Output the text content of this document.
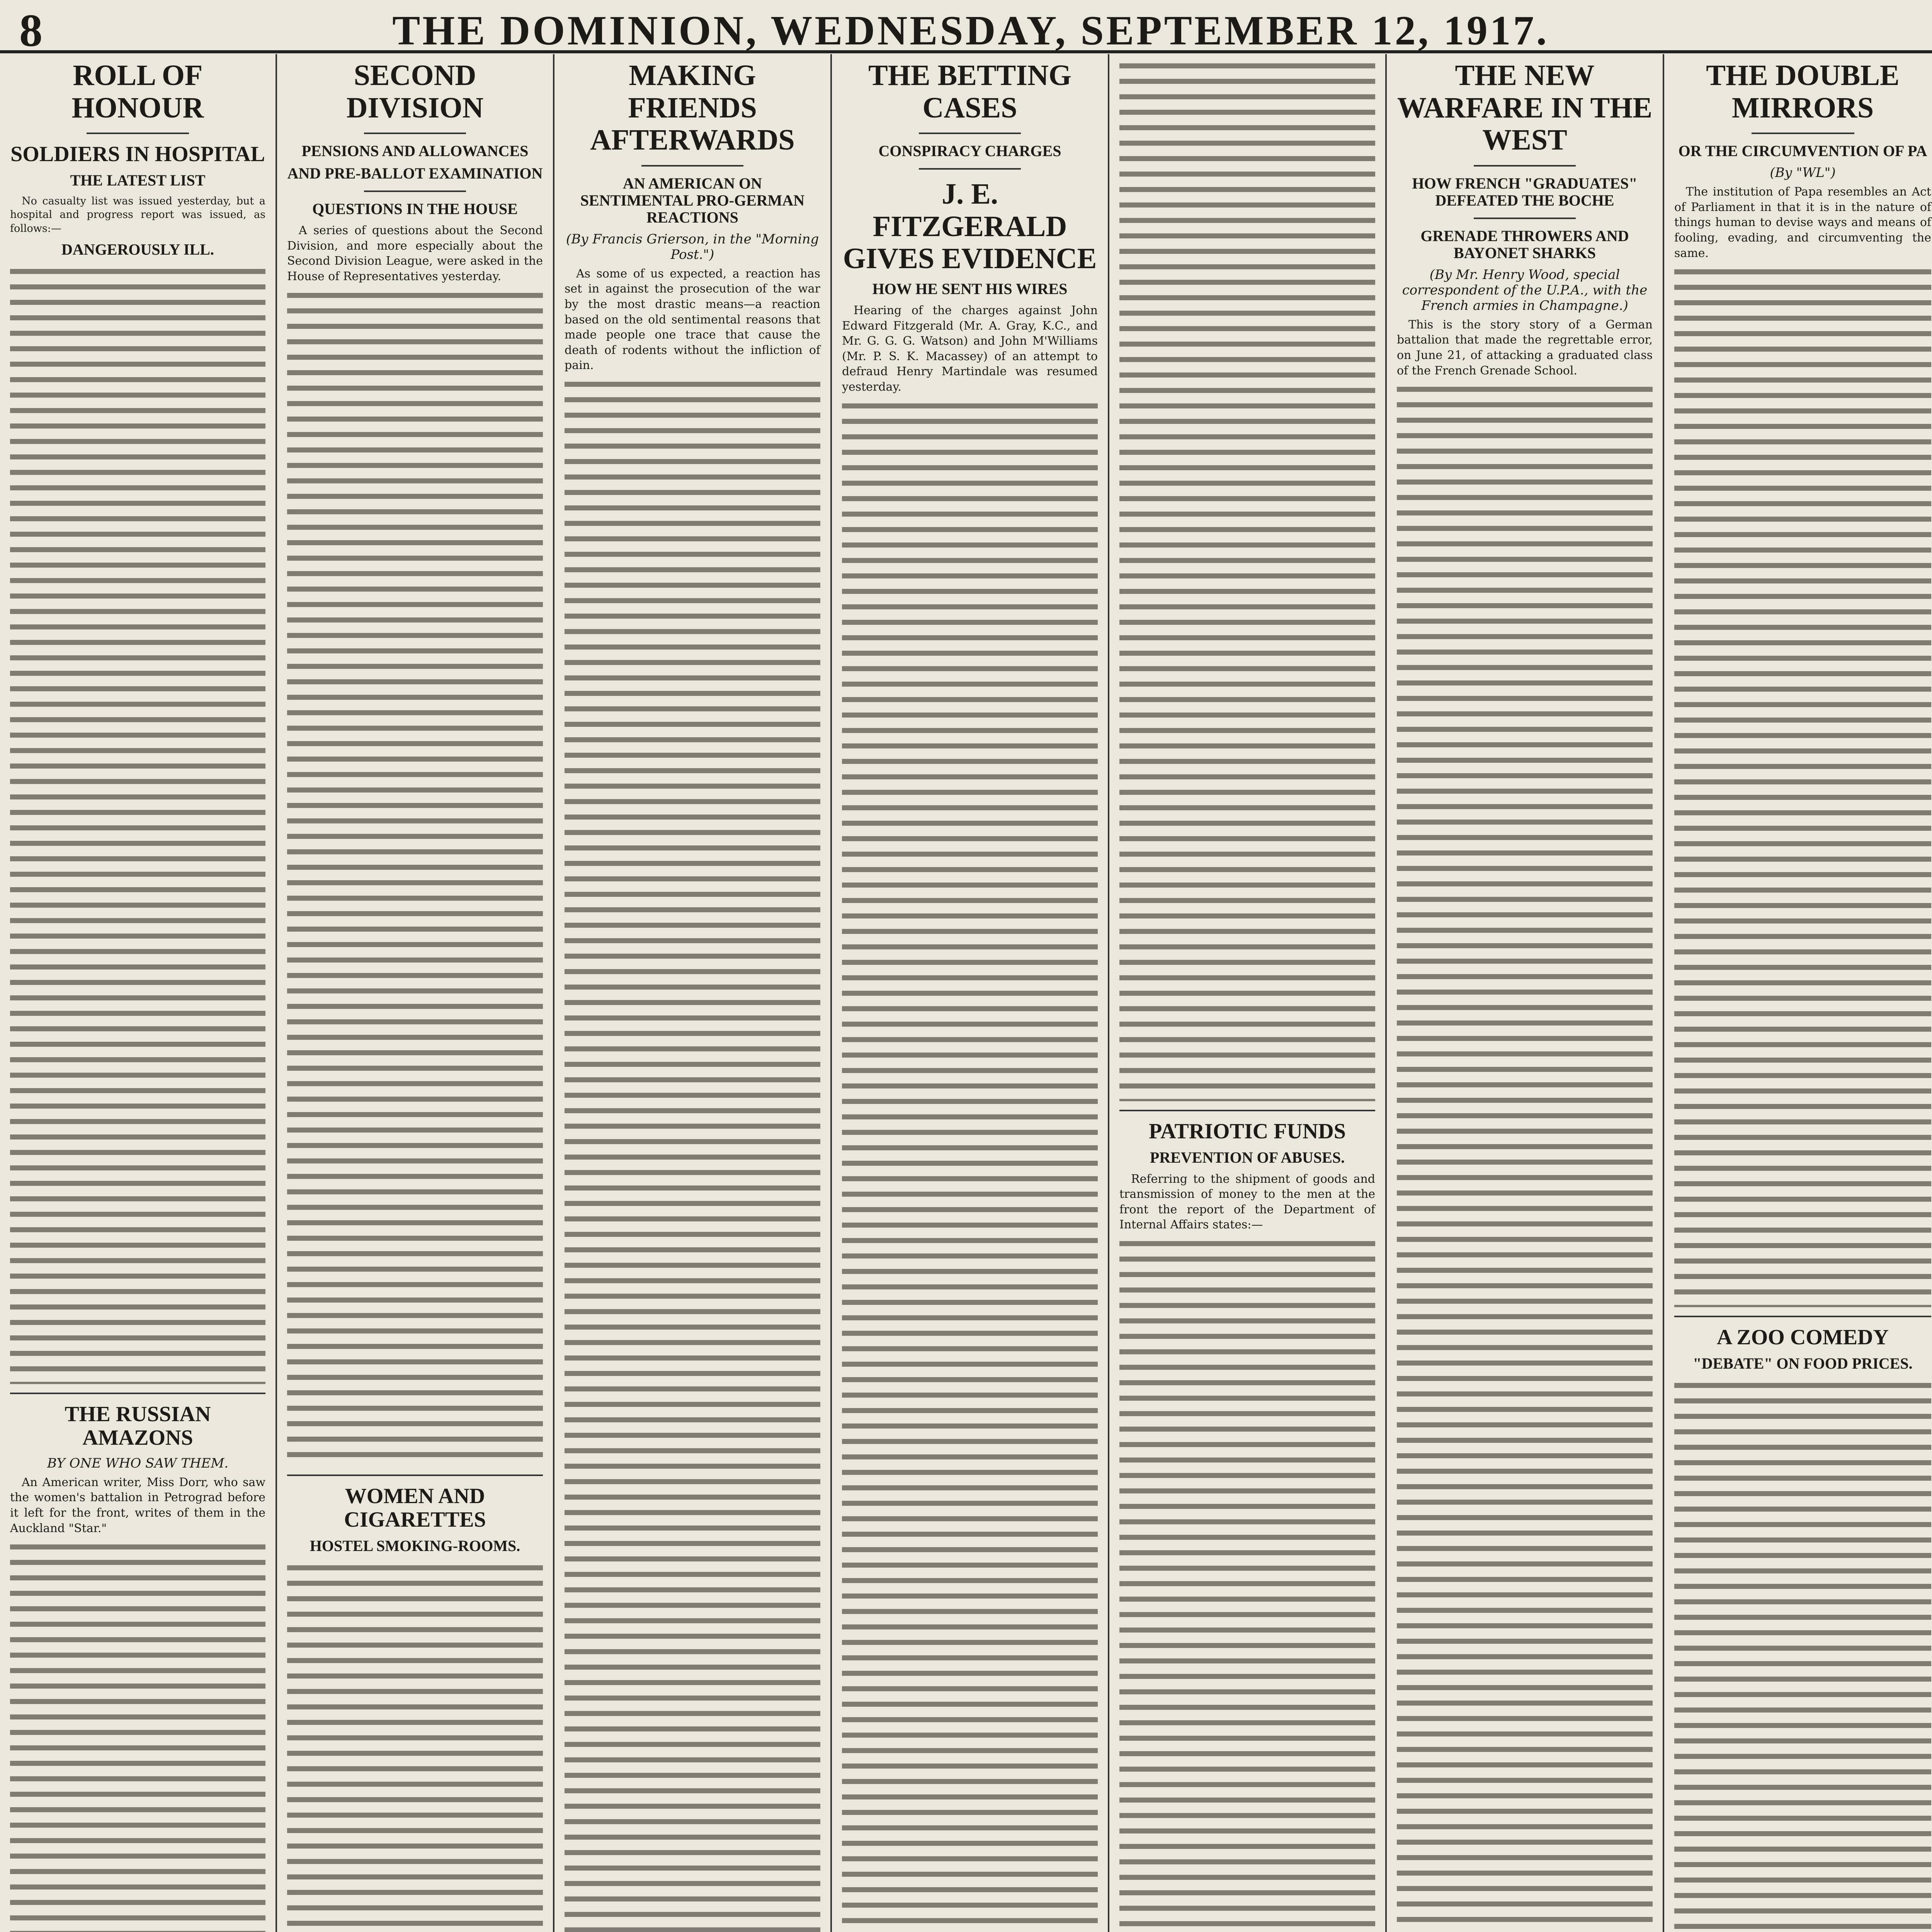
8	THE DOMINION, WEDNESDAY, SEPTEMBER 12, 1917.
ROLL OF HONOUR
SOLDIERS IN HOSPITAL
THE LATEST LIST

No casualty list was issued yesterday, but a hospital and progress report was issued, as follows:—

DANGEROUSLY ILL.
THE RUSSIAN AMAZONS
BY ONE WHO SAW THEM.

An American writer, Miss Dorr, who saw the women's battalion in Petrograd before it left for the front, writes of them in the Auckland "Star."

SECOND DIVISION
PENSIONS AND ALLOWANCES
AND PRE-BALLOT EXAMINATION
QUESTIONS IN THE HOUSE

A series of questions about the Second Division, and more especially about the Second Division League, were asked in the House of Representatives yesterday.

WOMEN AND CIGARETTES
HOSTEL SMOKING-ROOMS.
MAKING FRIENDS AFTERWARDS
AN AMERICAN ON SENTIMENTAL PRO-GERMAN REACTIONS
(By Francis Grierson, in the "Morning Post.")

As some of us expected, a reaction has set in against the prosecution of the war by the most drastic means—a reaction based on the old sentimental reasons that made people one trace that cause the death of rodents without the infliction of pain.

THE BETTING CASES
CONSPIRACY CHARGES
J. E. FITZGERALD GIVES EVIDENCE
HOW HE SENT HIS WIRES

Hearing of the charges against John Edward Fitzgerald (Mr. A. Gray, K.C., and Mr. G. G. G. Watson) and John M'Williams (Mr. P. S. K. Macassey) of an attempt to defraud Henry Martindale was resumed yesterday.

PATRIOTIC FUNDS
PREVENTION OF ABUSES.

Referring to the shipment of goods and transmission of money to the men at the front the report of the Department of Internal Affairs states:—

THE NEW WARFARE IN THE WEST
HOW FRENCH "GRADUATES" DEFEATED THE BOCHE
GRENADE THROWERS AND BAYONET SHARKS
(By Mr. Henry Wood, special correspondent of the U.P.A., with the French armies in Champagne.)

This is the story story of a German battalion that made the regrettable error, on June 21, of attacking a graduated class of the French Grenade School.

THE DOUBLE MIRRORS
OR THE CIRCUMVENTION OF PA
(By "WL")

The institution of Papa resembles an Act of Parliament in that it is in the nature of things human to devise ways and means of fooling, evading, and circumventing the same.

A ZOO COMEDY
"DEBATE" ON FOOD PRICES.
